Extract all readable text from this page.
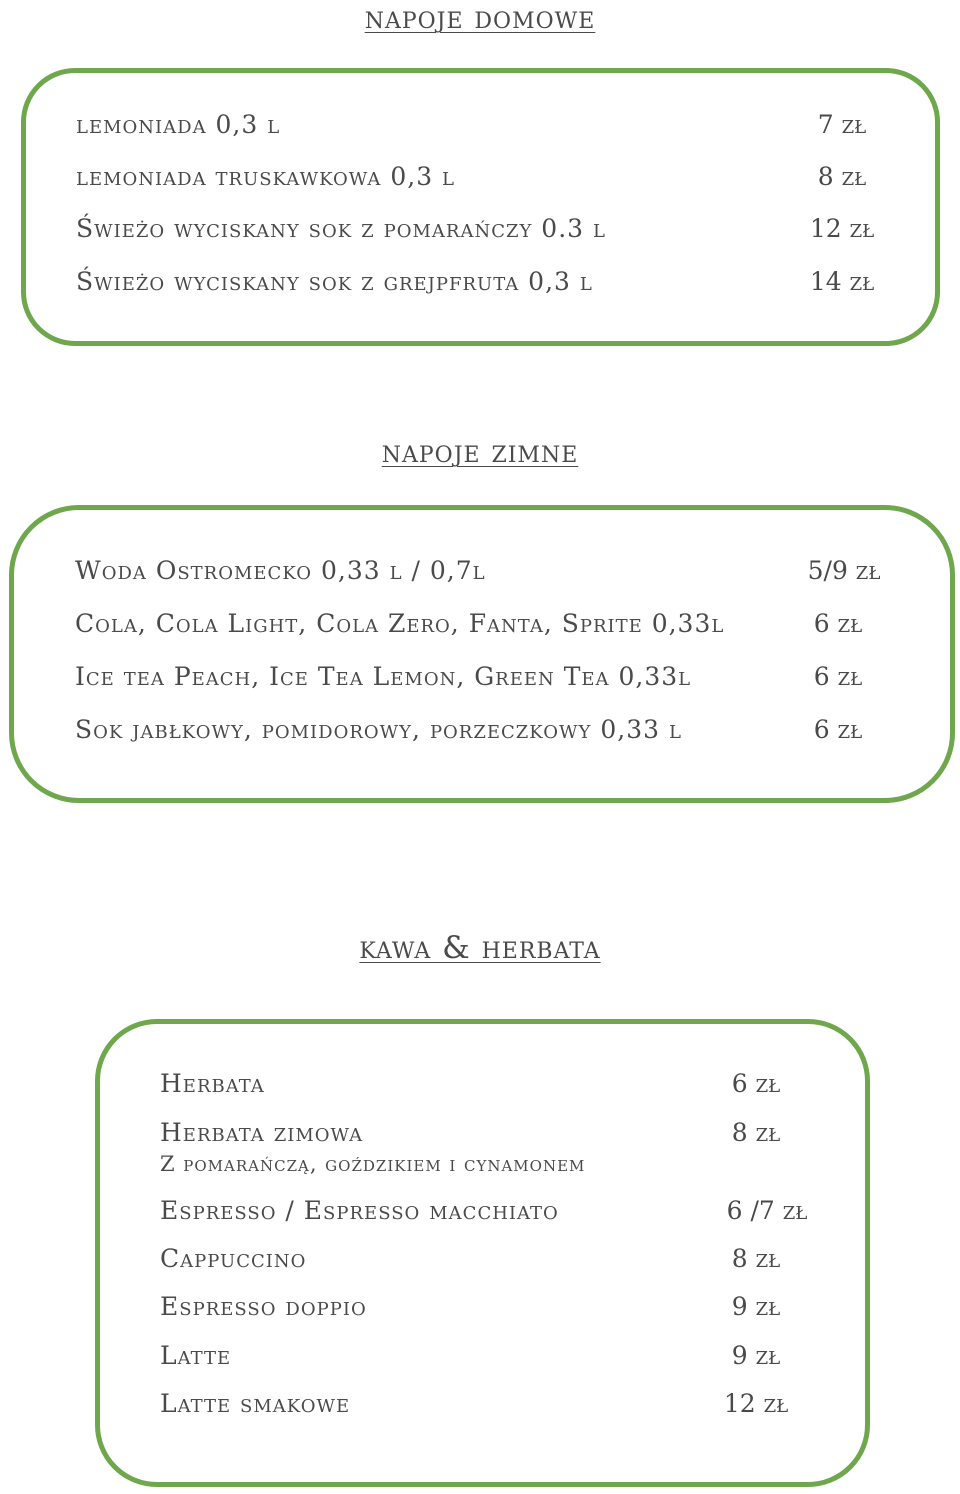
napoje domowe
lemoniada 0,3 l	7 zł
lemoniada truskawkowa 0,3 l	8 zł
Świeżo wyciskany sok z pomarańczy 0.3 l	12 zł
Świeżo wyciskany sok z grejpfruta 0,3 l	14 zł
napoje zimne
Woda Ostromecko 0,33 l / 0,7l	5/9 zł
Cola, Cola Light, Cola Zero, Fanta, Sprite 0,33l	6 zł
Ice tea Peach, Ice Tea Lemon, Green Tea 0,33l	6 zł
Sok jabłkowy, pomidorowy, porzeczkowy 0,33 l	6 zł
kawa & herbata
Herbata	6 zł
Herbata zimowa	8 zł
Z pomarańczą, goździkiem i cynamonem
Espresso / Espresso macchiato	6 /7 zł
Cappuccino	8 zł
Espresso doppio	9 zł
Latte	9 zł
Latte smakowe	12 zł
